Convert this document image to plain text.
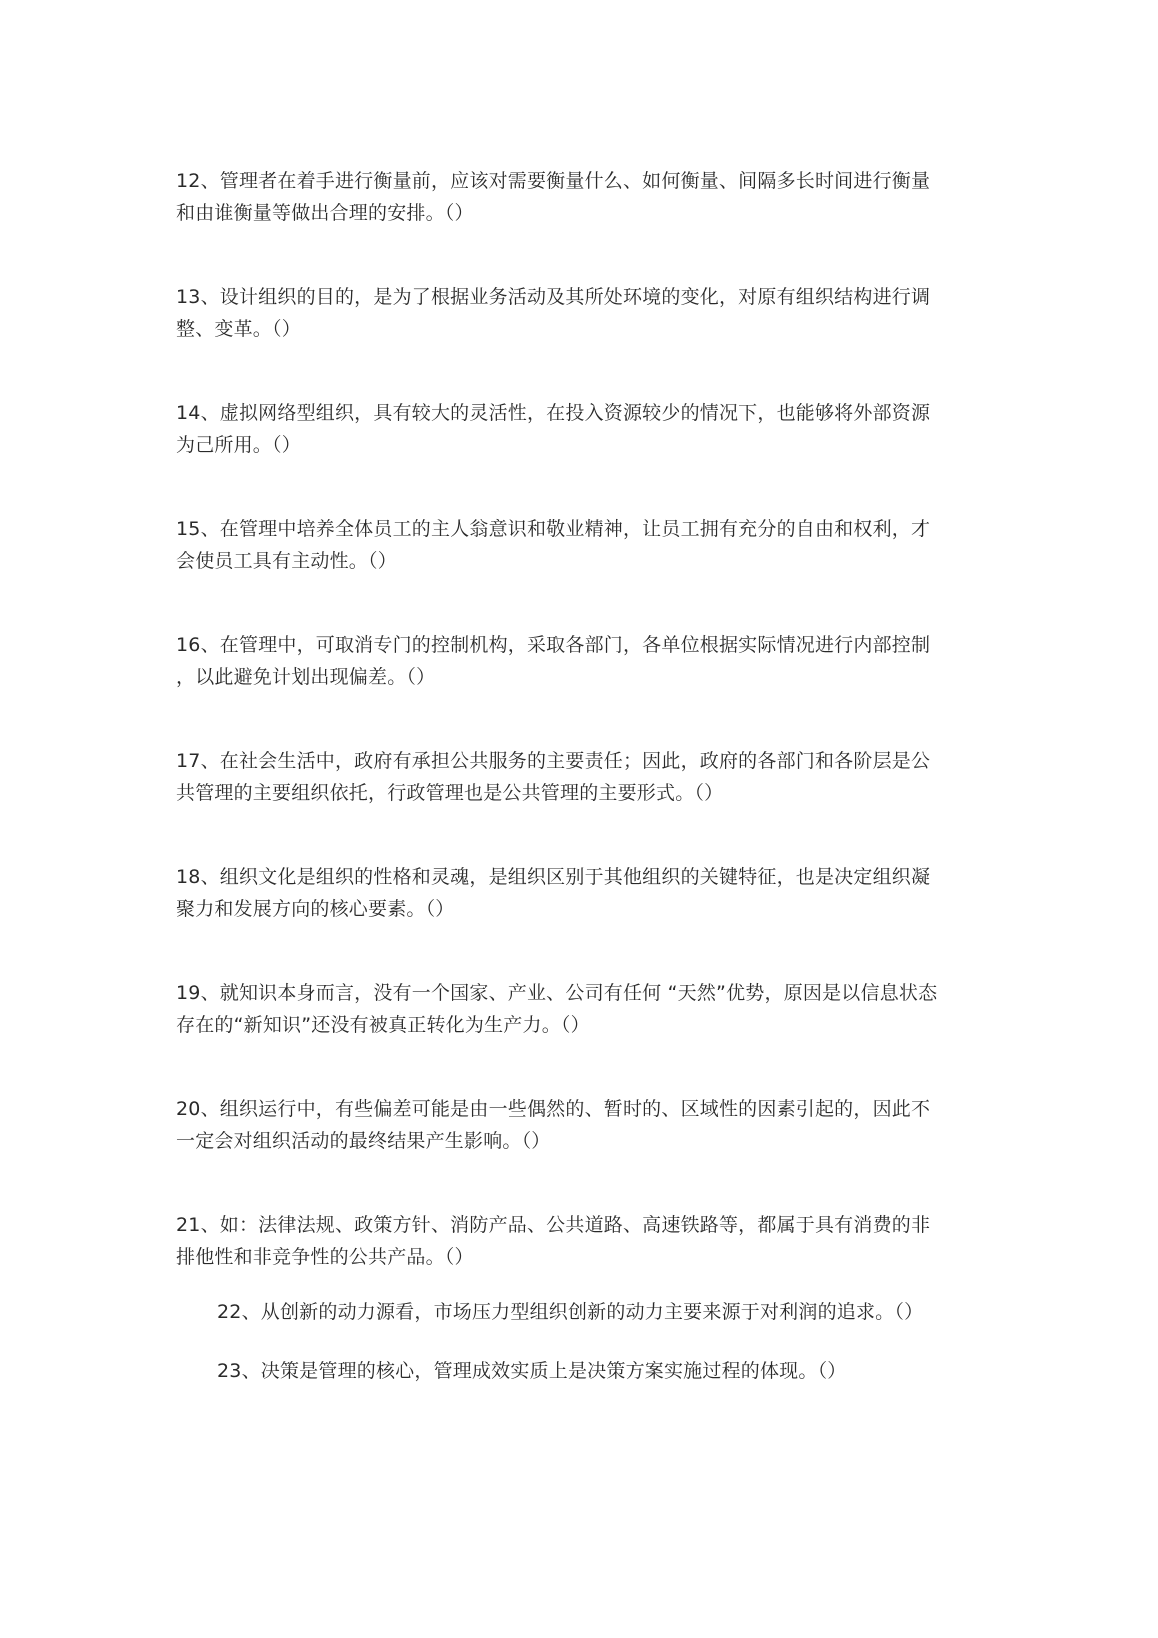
12、管理者在着手进行衡量前，应该对需要衡量什么、如何衡量、间隔多长时间进行衡量
和由谁衡量等做出合理的安排。（）

13、设计组织的目的，是为了根据业务活动及其所处环境的变化，对原有组织结构进行调
整、变革。（）

14、虚拟网络型组织，具有较大的灵活性，在投入资源较少的情况下，也能够将外部资源
为己所用。（）

15、在管理中培养全体员工的主人翁意识和敬业精神，让员工拥有充分的自由和权利，才
会使员工具有主动性。（）

16、在管理中，可取消专门的控制机构，采取各部门，各单位根据实际情况进行内部控制
，以此避免计划出现偏差。（）

17、在社会生活中，政府有承担公共服务的主要责任；因此，政府的各部门和各阶层是公
共管理的主要组织依托，行政管理也是公共管理的主要形式。（）

18、组织文化是组织的性格和灵魂，是组织区别于其他组织的关键特征，也是决定组织凝
聚力和发展方向的核心要素。（）

19、就知识本身而言，没有一个国家、产业、公司有任何 “天然”优势，原因是以信息状态
存在的“新知识”还没有被真正转化为生产力。（）

20、组织运行中，有些偏差可能是由一些偶然的、暂时的、区域性的因素引起的，因此不
一定会对组织活动的最终结果产生影响。（）

21、如：法律法规、政策方针、消防产品、公共道路、高速铁路等，都属于具有消费的非
排他性和非竞争性的公共产品。（）

22、从创新的动力源看，市场压力型组织创新的动力主要来源于对利润的追求。（）

23、决策是管理的核心，管理成效实质上是决策方案实施过程的体现。（）
